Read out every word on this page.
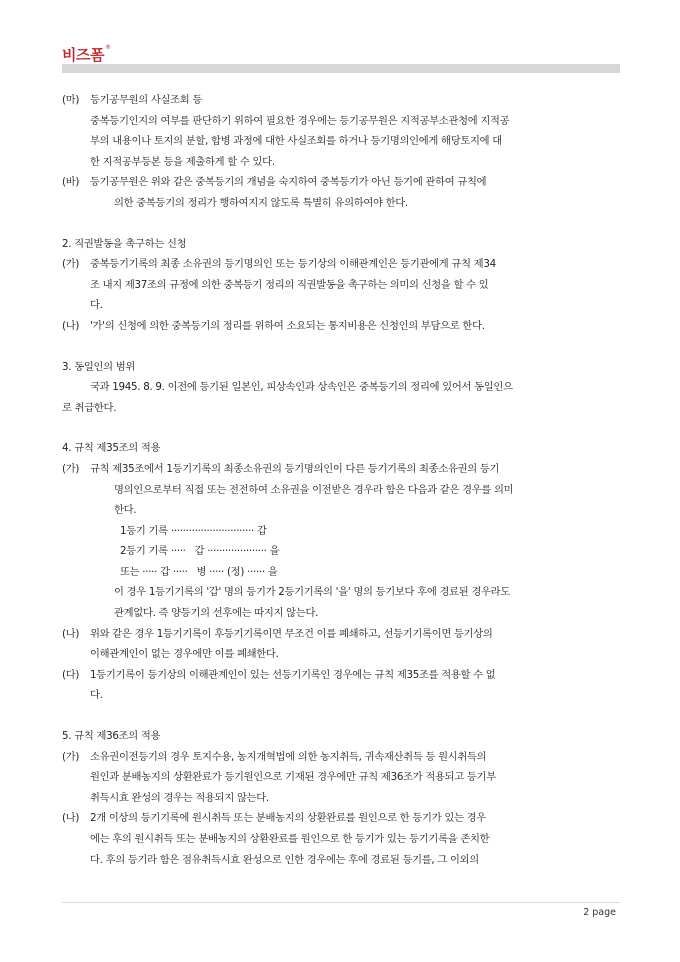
비즈폼®
(마)	등기공무원의 사실조회 등

중복등기인지의 여부를 판단하기 위하여 필요한 경우에는 등기공무원은 지적공부소관청에 지적공

부의 내용이나 토지의 분할, 합병 과정에 대한 사실조회를 하거나 등기명의인에게 해당토지에 대

한 지적공부등본 등을 제출하게 할 수 있다.

(바)	등기공무원은 위와 같은 중복등기의 개념을 숙지하여 중복등기가 아닌 등기에 관하여 규칙에

의한 중복등기의 정리가 행하여지지 않도록 특별히 유의하여야 한다.

2. 직권발동을 촉구하는 신청

(가)	중복등기기록의 최종 소유권의 등기명의인 또는 등기상의 이해관계인은 등기관에게 규칙 제34

조 내지 제37조의 규정에 의한 중복등기 정리의 직권발동을 촉구하는 의미의 신청을 할 수 있

다.

(나)	'가'의 신청에 의한 중복등기의 정리를 위하여 소요되는 통지비용은 신청인의 부담으로 한다.

3. 동일인의 범위

국과 1945. 8. 9. 이전에 등기된 일본인, 피상속인과 상속인은 중복등기의 정리에 있어서 동일인으

로 취급한다.

4. 규칙 제35조의 적용

(가)	규칙 제35조에서 1등기기록의 최종소유권의 등기명의인이 다른 등기기록의 최종소유권의 등기

명의인으로부터 직접 또는 전전하여 소유권을 이전받은 경우라 함은 다음과 같은 경우를 의미

한다.

1등기 기록 ···························· 갑

2등기 기록 ·····   갑 ···················· 을

또는 ····· 갑 ·····   병 ····· (정) ······ 을

이 경우 1등기기록의 '갑' 명의 등기가 2등기기록의 '을' 명의 등기보다 후에 경료된 경우라도

관계없다. 즉 양등기의 선후에는 따지지 않는다.

(나)	위와 같은 경우 1등기기록이 후등기기록이면 무조건 이를 폐쇄하고, 선등기기록이면 등기상의

이해관계인이 없는 경우에만 이를 폐쇄한다.

(다)	1등기기록이 등기상의 이해관계인이 있는 선등기기록인 경우에는 규칙 제35조를 적용할 수 없

다.

5. 규칙 제36조의 적용

(가)	소유권이전등기의 경우 토지수용, 농지개혁법에 의한 농지취득, 귀속재산취득 등 원시취득의

원인과 분배농지의 상환완료가 등기원인으로 기재된 경우에만 규칙 제36조가 적용되고 등기부

취득시효 완성의 경우는 적용되지 않는다.

(나)	2개 이상의 등기기록에 원시취득 또는 분배농지의 상환완료를 원인으로 한 등기가 있는 경우

에는 후의 원시취득 또는 분배농지의 상환완료를 원인으로 한 등기가 있는 등기기록을 존치한

다. 후의 등기라 함은 점유취득시효 완성으로 인한 경우에는 후에 경료된 등기를, 그 이외의

2 page
